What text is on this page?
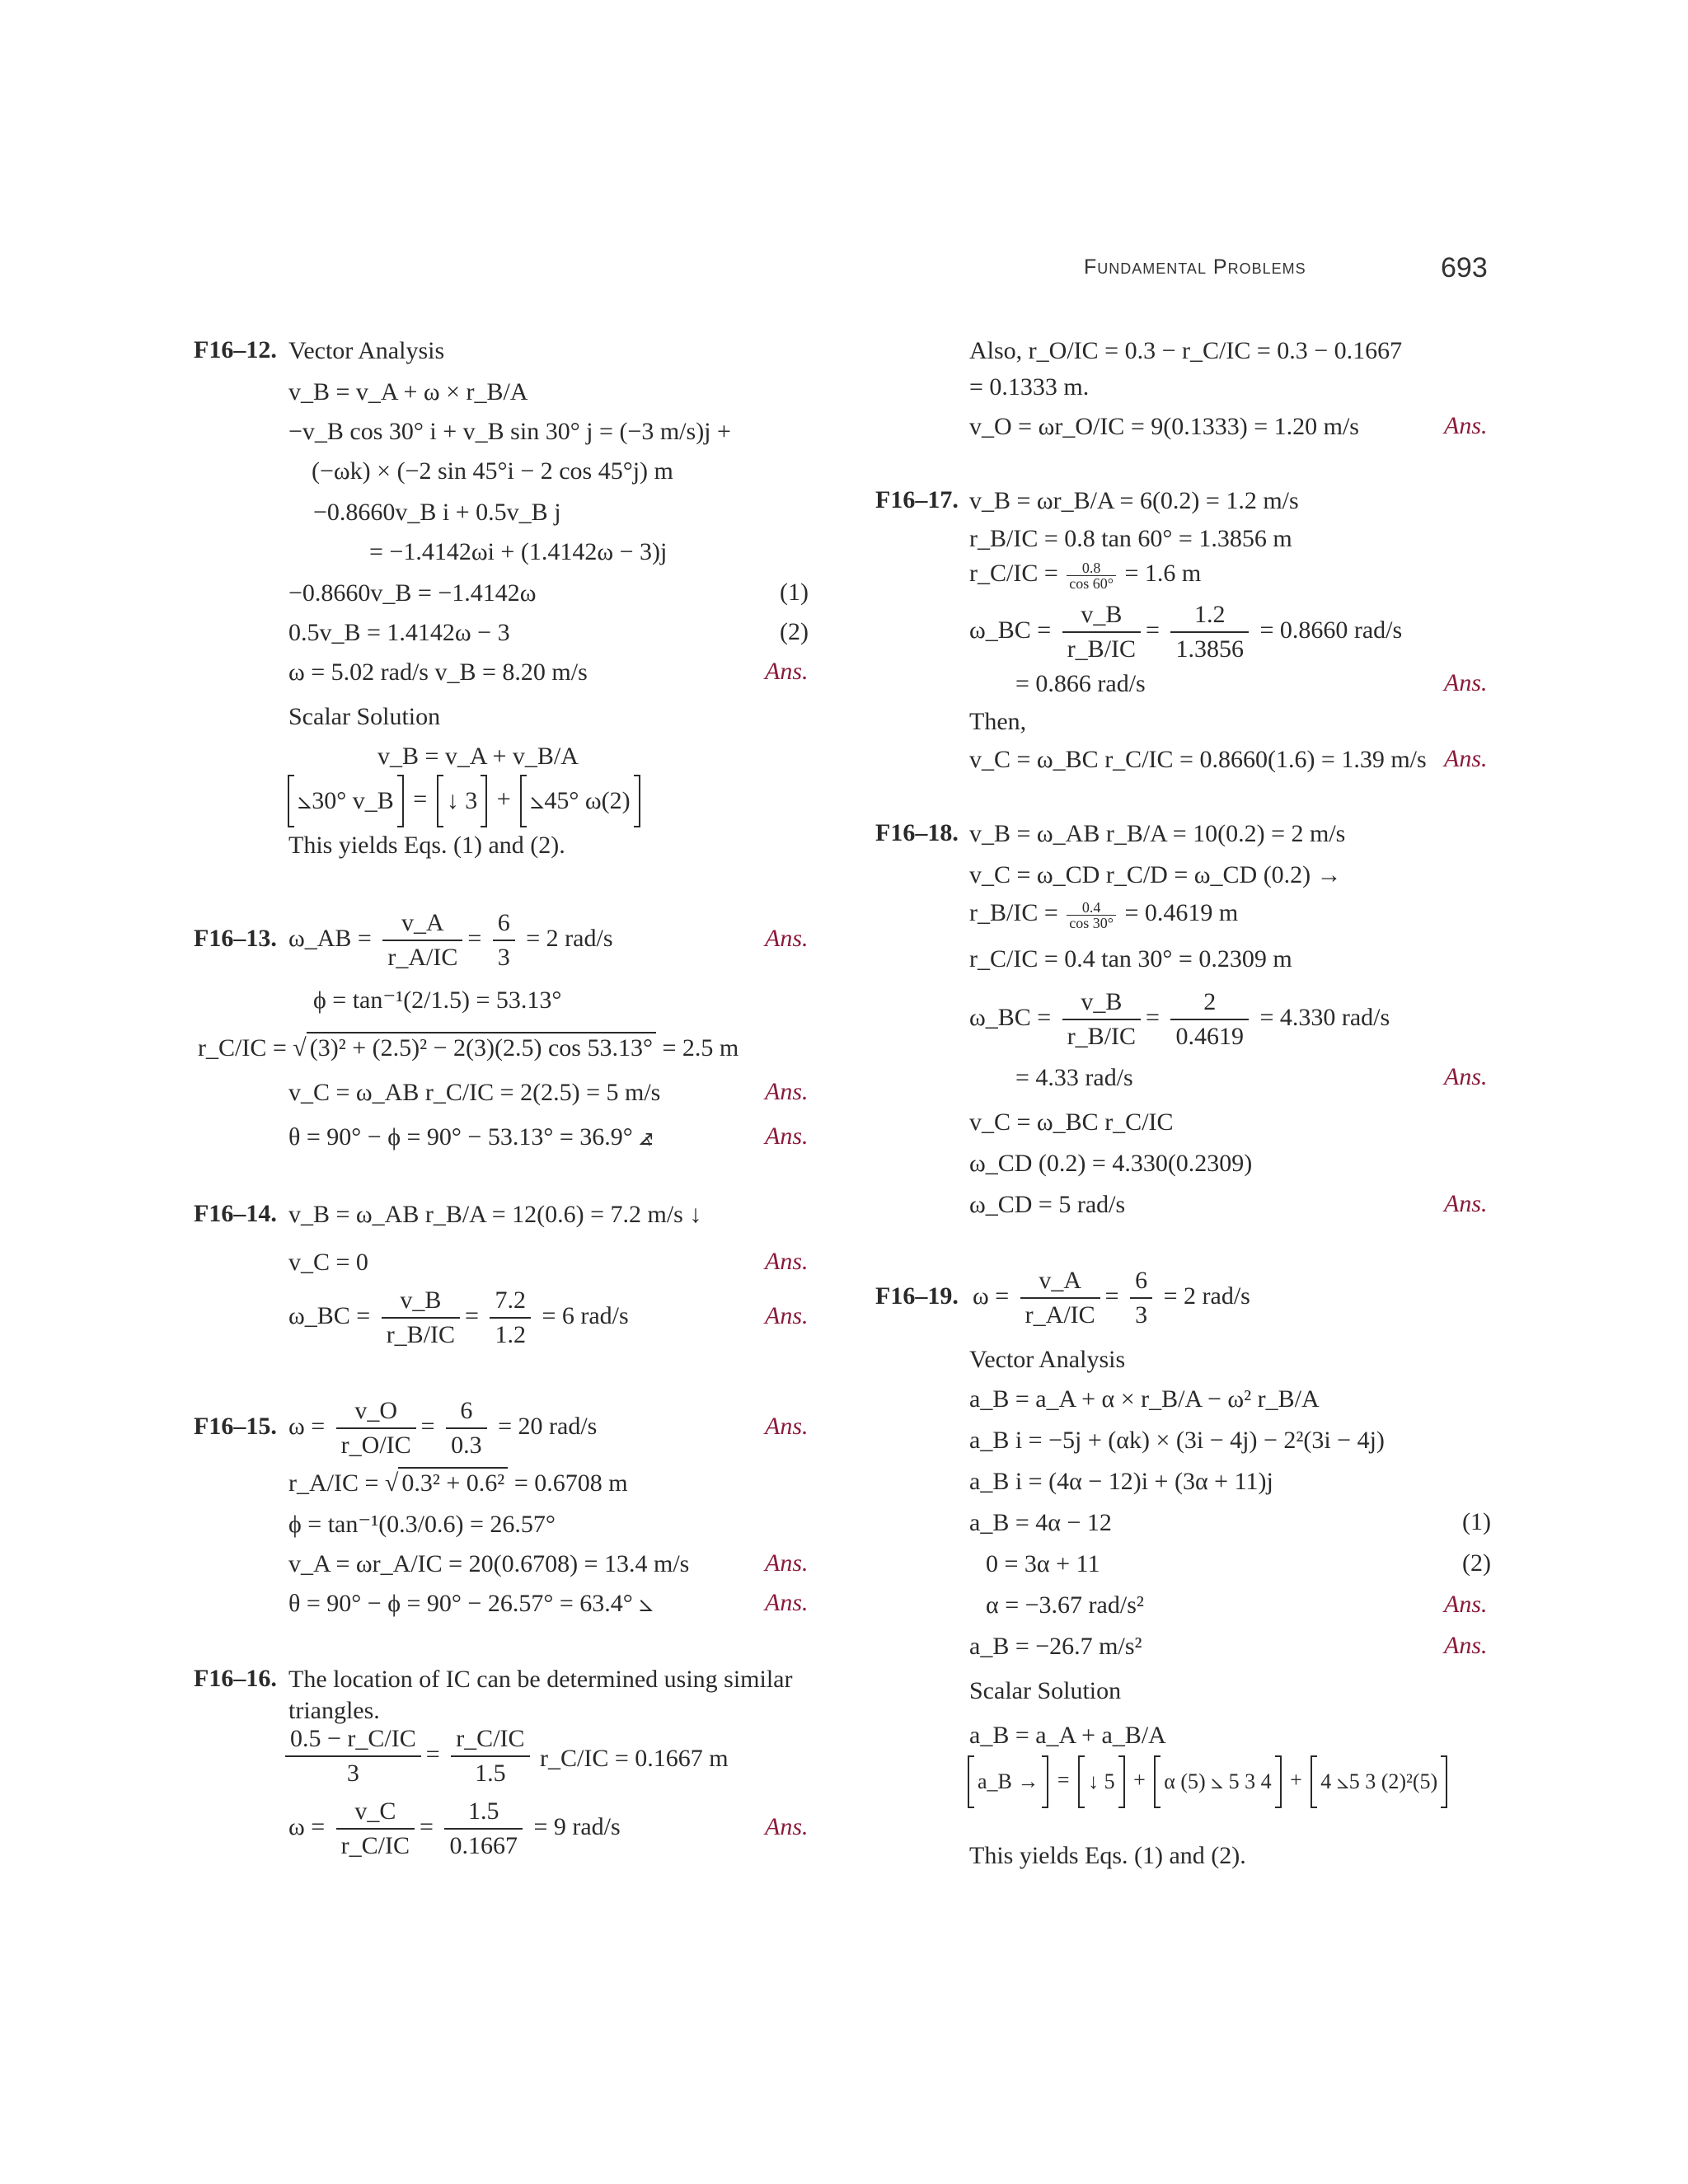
Fundamental Problems	693
F16–12. Vector Analysis
v_B = v_A + ω × r_B/A
−v_B cos 30° i + v_B sin 30° j = (−3 m/s)j +
(−ωk) × (−2 sin 45°i − 2 cos 45°j) m
−0.8660v_B i + 0.5v_B j
= −1.4142ωi + (1.4142ω − 3)j
−0.8660v_B = −1.4142ω	(1)
0.5v_B = 1.4142ω − 3	(2)
ω = 5.02 rad/s v_B = 8.20 m/s	Ans.
Scalar Solution
v_B = v_A + v_B/A
⦣30° v_B = ↓ 3 + ⦣45° ω(2)
This yields Eqs. (1) and (2).
F16–13. ω_AB = $\frac{v\_A}{r\_A/IC} = \frac{6}{3} = 2$ rad/s	Ans.
ϕ = tan⁻¹(2/1.5) = 53.13°
r_C/IC = √ (3)² + (2.5)² − 2(3)(2.5) cos 53.13° = 2.5 m
v_C = ω_AB r_C/IC = 2(2.5) = 5 m/s	Ans.
θ = 90° − ϕ = 90° − 53.13° = 36.9° ⦨	Ans.
F16–14. v_B = ω_AB r_B/A = 12(0.6) = 7.2 m/s ↓
v_C = 0	Ans.
ω_BC = $\frac{v\_B}{r\_B/IC} = \frac{7.2}{1.2} = 6$ rad/s	Ans.
F16–15. $\omega = \frac{v\_O}{r\_O/IC} = \frac{6}{0.3} = 20$ rad/s	Ans.
r_A/IC = √ 0.3² + 0.6² = 0.6708 m
ϕ = tan⁻¹(0.3/0.6) = 26.57°
v_A = ωr_A/IC = 20(0.6708) = 13.4 m/s	Ans.
θ = 90° − ϕ = 90° − 26.57° = 63.4° ⦣	Ans.
F16–16. The location of IC can be determined using similar
triangles.
$\frac{0.5 - r\_C/IC}{3} = \frac{r\_C/IC}{1.5}$ r_C/IC = 0.1667 m
$\omega = \frac{v\_C}{r\_C/IC} = \frac{1.5}{0.1667} = 9$ rad/s	Ans.
Also, r_O/IC = 0.3 − r_C/IC = 0.3 − 0.1667
= 0.1333 m.
v_O = ωr_O/IC = 9(0.1333) = 1.20 m/s	Ans.
F16–17. v_B = ωr_B/A = 6(0.2) = 1.2 m/s
r_B/IC = 0.8 tan 60° = 1.3856 m
r_C/IC = $\frac{0.8}{\cos 60^\circ} = 1.6$ m
ω_BC = $\frac{v\_B}{r\_B/IC} = \frac{1.2}{1.3856} = 0.8660$ rad/s
= 0.866 rad/s	Ans.
Then,
v_C = ω_BC r_C/IC = 0.8660(1.6) = 1.39 m/s Ans.
F16–18. v_B = ω_AB r_B/A = 10(0.2) = 2 m/s
v_C = ω_CD r_C/D = ω_CD (0.2) →
r_B/IC = $\frac{0.4}{\cos 30^\circ} = 0.4619$ m
r_C/IC = 0.4 tan 30° = 0.2309 m
ω_BC = $\frac{v\_B}{r\_B/IC} = \frac{2}{0.4619} = 4.330$ rad/s
= 4.33 rad/s	Ans.
v_C = ω_BC r_C/IC
ω_CD (0.2) = 4.330(0.2309)
ω_CD = 5 rad/s	Ans.
F16–19. $\omega = \frac{v\_A}{r\_A/IC} = \frac{6}{3} = 2$ rad/s
Vector Analysis
a_B = a_A + α × r_B/A − ω² r_B/A
a_B i = −5j + (αk) × (3i − 4j) − 2²(3i − 4j)
a_B i = (4α − 12)i + (3α + 11)j
a_B = 4α − 12	(1)
0 = 3α + 11	(2)
α = −3.67 rad/s²	Ans.
a_B = −26.7 m/s²	Ans.
Scalar Solution
a_B = a_A + a_B/A
a_B → = ↓ 5 + α (5) ⦣ 5 3 4 + 4 ⦣5 3 (2)²(5)
This yields Eqs. (1) and (2).
